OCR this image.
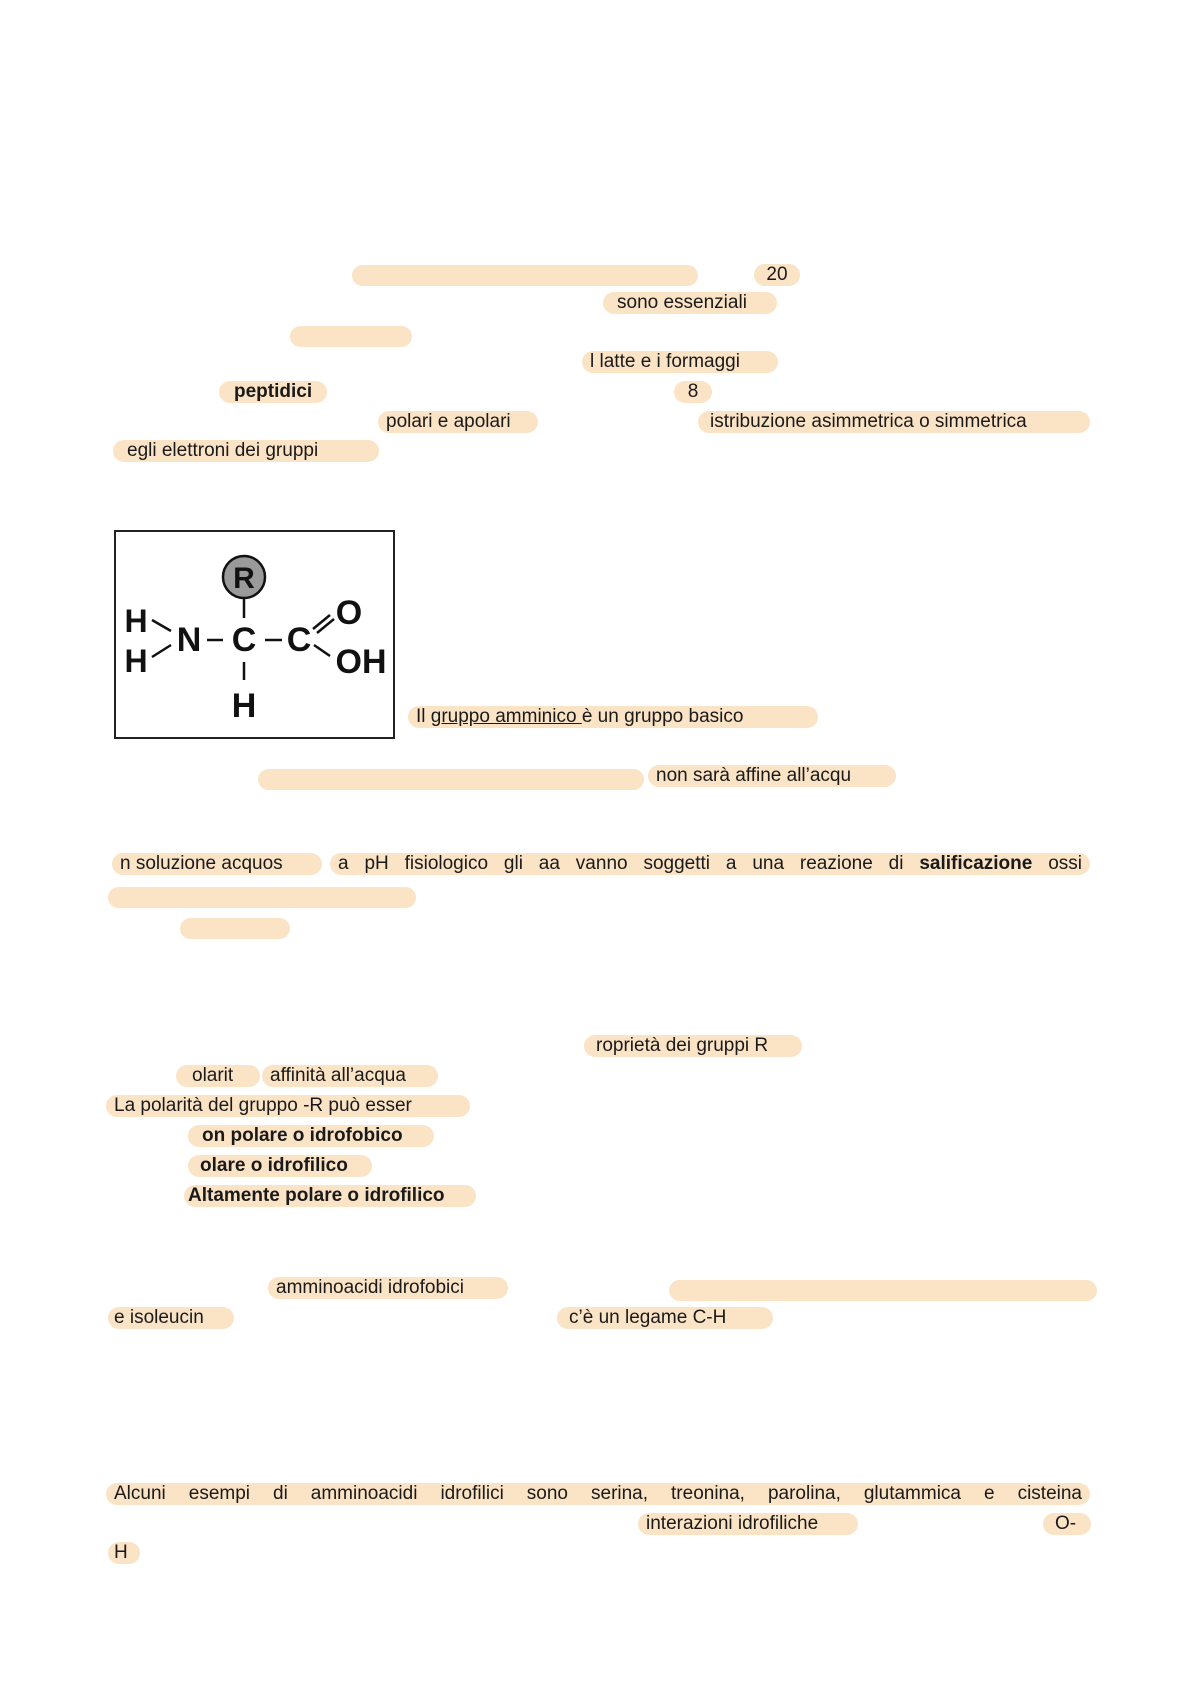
20
sono essenziali
l latte e i formaggi
peptidici	8
polari e apolari	istribuzione asimmetrica o simmetrica
egli elettroni dei gruppi
R
H
H
N C C
O
OH
H	Il gruppo amminico è un gruppo basico
non sarà affine all’acqu
n soluzione acquos	a pH fisiologico gli aa vanno soggetti a una reazione di salificazione ossi
roprietà dei gruppi R
olarit	affinità all’acqua
La polarità del gruppo -R può esser
on polare o idrofobico
olare o idrofilico
Altamente polare o idrofilico
amminoacidi idrofobici
e isoleucin	c’è un legame C-H
Alcuni esempi di amminoacidi idrofilici sono serina, treonina, parolina, glutammica e cisteina
interazioni idrofiliche	O-
H
